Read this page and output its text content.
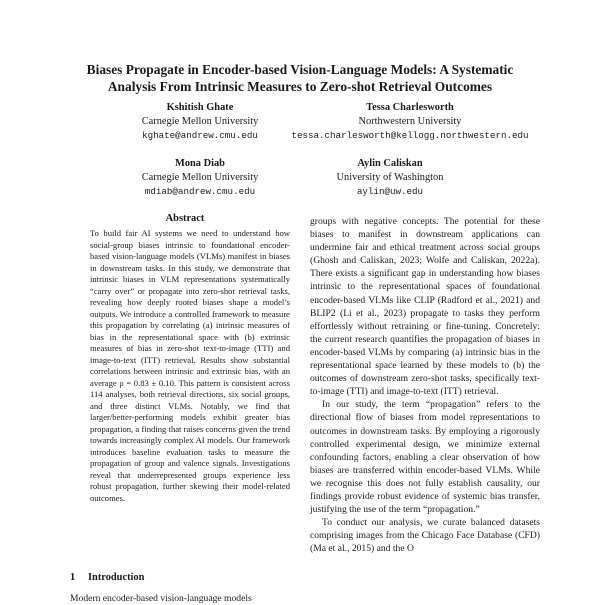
Biases Propagate in Encoder-based Vision-Language Models: A Systematic
Analysis From Intrinsic Measures to Zero-shot Retrieval Outcomes
Kshitish Ghate
Carnegie Mellon University
kghate@andrew.cmu.edu
Tessa Charlesworth
Northwestern University
tessa.charlesworth@kellogg.northwestern.edu
Mona Diab
Carnegie Mellon University
mdiab@andrew.cmu.edu
Aylin Caliskan
University of Washington
aylin@uw.edu
Abstract
To build fair AI systems we need to understand how social-group biases intrinsic to foundational encoder-based vision-language models (VLMs) manifest in biases in downstream tasks. In this study, we demonstrate that intrinsic biases in VLM representations systematically “carry over” or propagate into zero-shot retrieval tasks, revealing how deeply rooted biases shape a model’s outputs. We introduce a controlled framework to measure this propagation by correlating (a) intrinsic measures of bias in the representational space with (b) extrinsic measures of bias in zero-shot text-to-image (TTI) and image-to-text (ITT) retrieval. Results show substantial correlations between intrinsic and extrinsic bias, with an average ρ = 0.83 ± 0.10. This pattern is consistent across 114 analyses, both retrieval directions, six social groups, and three distinct VLMs. Notably, we find that larger/better-performing models exhibit greater bias propagation, a finding that raises concerns given the trend towards increasingly complex AI models. Our framework introduces baseline evaluation tasks to measure the propagation of group and valence signals. Investigations reveal that underrepresented groups experience less robust propagation, further skewing their model-related outcomes.
1 Introduction
Modern encoder-based vision-language models

groups with negative concepts. The potential for these biases to manifest in downstream applications can undermine fair and ethical treatment across social groups (Ghosh and Caliskan, 2023; Wolfe and Caliskan, 2022a). There exists a significant gap in understanding how biases intrinsic to the representational spaces of foundational encoder-based VLMs like CLIP (Radford et al., 2021) and BLIP2 (Li et al., 2023) propagate to tasks they perform effortlessly without retraining or fine-tuning. Concretely: the current research quantifies the propagation of biases in encoder-based VLMs by comparing (a) intrinsic bias in the representational space learned by these models to (b) the outcomes of downstream zero-shot tasks, specifically text-to-image (TTI) and image-to-text (ITT) retrieval.

In our study, the term “propagation” refers to the directional flow of biases from model representations to outcomes in downstream tasks. By employing a rigorously controlled experimental design, we minimize external confounding factors, enabling a clear observation of how biases are transferred within encoder-based VLMs. While we recognise this does not fully establish causality, our findings provide robust evidence of systemic bias transfer, justifying the use of the term “propagation.”

To conduct our analysis, we curate balanced datasets comprising images from the Chicago Face Database (CFD) (Ma et al., 2015) and the O
